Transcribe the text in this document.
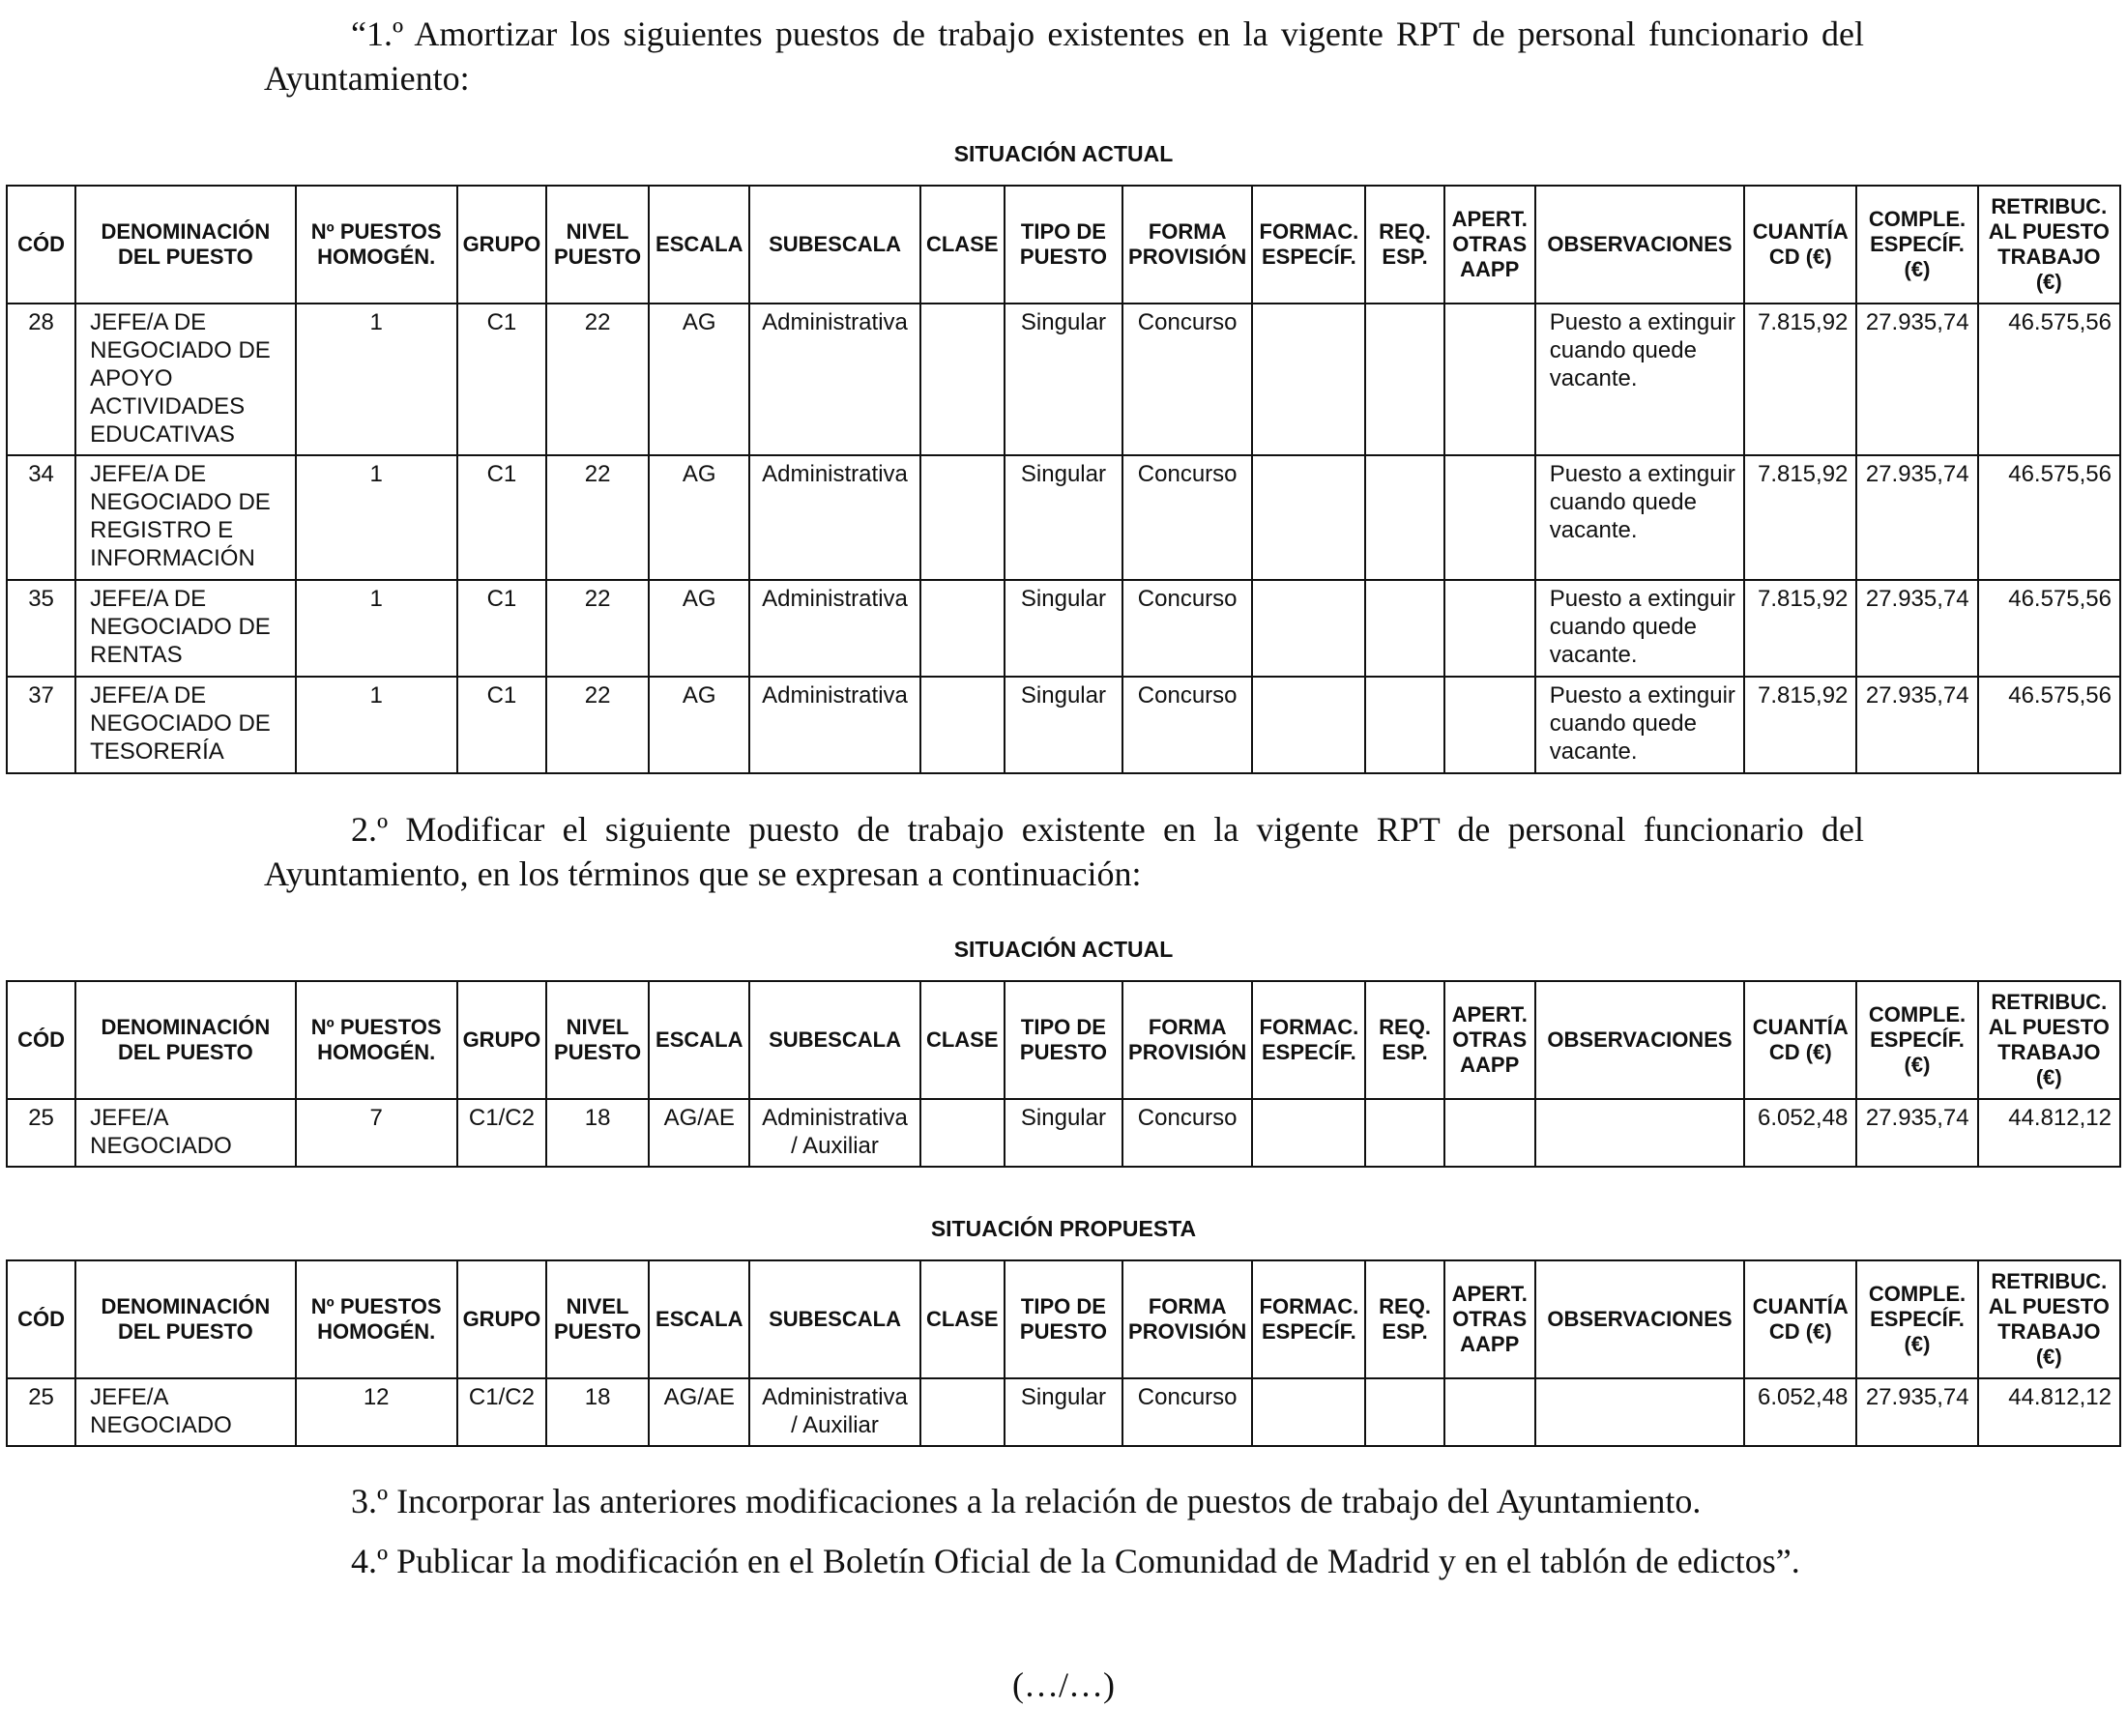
“1.º Amortizar los siguientes puestos de trabajo existentes en la vigente RPT de personal funcionario del Ayuntamiento:

SITUACIÓN ACTUAL
CÓD	DENOMINACIÓN
DEL PUESTO	Nº PUESTOS
HOMOGÉN.	GRUPO	NIVEL
PUESTO	ESCALA	SUBESCALA	CLASE	TIPO DE
PUESTO	FORMA
PROVISIÓN	FORMAC.
ESPECÍF.	REQ.
ESP.	APERT.
OTRAS
AAPP	OBSERVACIONES	CUANTÍA
CD (€)	COMPLE.
ESPECÍF.
(€)	RETRIBUC.
AL PUESTO
TRABAJO
(€)
28	JEFE/A DE
NEGOCIADO DE
APOYO
ACTIVIDADES
EDUCATIVAS	1	C1	22	AG	Administrativa		Singular	Concurso				Puesto a extinguir
cuando quede
vacante.	7.815,92	27.935,74	46.575,56
34	JEFE/A DE
NEGOCIADO DE
REGISTRO E
INFORMACIÓN	1	C1	22	AG	Administrativa		Singular	Concurso				Puesto a extinguir
cuando quede
vacante.	7.815,92	27.935,74	46.575,56
35	JEFE/A DE
NEGOCIADO DE
RENTAS	1	C1	22	AG	Administrativa		Singular	Concurso				Puesto a extinguir
cuando quede
vacante.	7.815,92	27.935,74	46.575,56
37	JEFE/A DE
NEGOCIADO DE
TESORERÍA	1	C1	22	AG	Administrativa		Singular	Concurso				Puesto a extinguir
cuando quede
vacante.	7.815,92	27.935,74	46.575,56

2.º Modificar el siguiente puesto de trabajo existente en la vigente RPT de personal funcionario del Ayuntamiento, en los términos que se expresan a continuación:

SITUACIÓN ACTUAL
CÓD	DENOMINACIÓN
DEL PUESTO	Nº PUESTOS
HOMOGÉN.	GRUPO	NIVEL
PUESTO	ESCALA	SUBESCALA	CLASE	TIPO DE
PUESTO	FORMA
PROVISIÓN	FORMAC.
ESPECÍF.	REQ.
ESP.	APERT.
OTRAS
AAPP	OBSERVACIONES	CUANTÍA
CD (€)	COMPLE.
ESPECÍF.
(€)	RETRIBUC.
AL PUESTO
TRABAJO
(€)
25	JEFE/A
NEGOCIADO	7	C1/C2	18	AG/AE	Administrativa
/ Auxiliar		Singular	Concurso					6.052,48	27.935,74	44.812,12
SITUACIÓN PROPUESTA
CÓD	DENOMINACIÓN
DEL PUESTO	Nº PUESTOS
HOMOGÉN.	GRUPO	NIVEL
PUESTO	ESCALA	SUBESCALA	CLASE	TIPO DE
PUESTO	FORMA
PROVISIÓN	FORMAC.
ESPECÍF.	REQ.
ESP.	APERT.
OTRAS
AAPP	OBSERVACIONES	CUANTÍA
CD (€)	COMPLE.
ESPECÍF.
(€)	RETRIBUC.
AL PUESTO
TRABAJO
(€)
25	JEFE/A
NEGOCIADO	12	C1/C2	18	AG/AE	Administrativa
/ Auxiliar		Singular	Concurso					6.052,48	27.935,74	44.812,12

3.º Incorporar las anteriores modificaciones a la relación de puestos de trabajo del Ayuntamiento.

4.º Publicar la modificación en el Boletín Oficial de la Comunidad de Madrid y en el tablón de edictos”.

(…/…)
